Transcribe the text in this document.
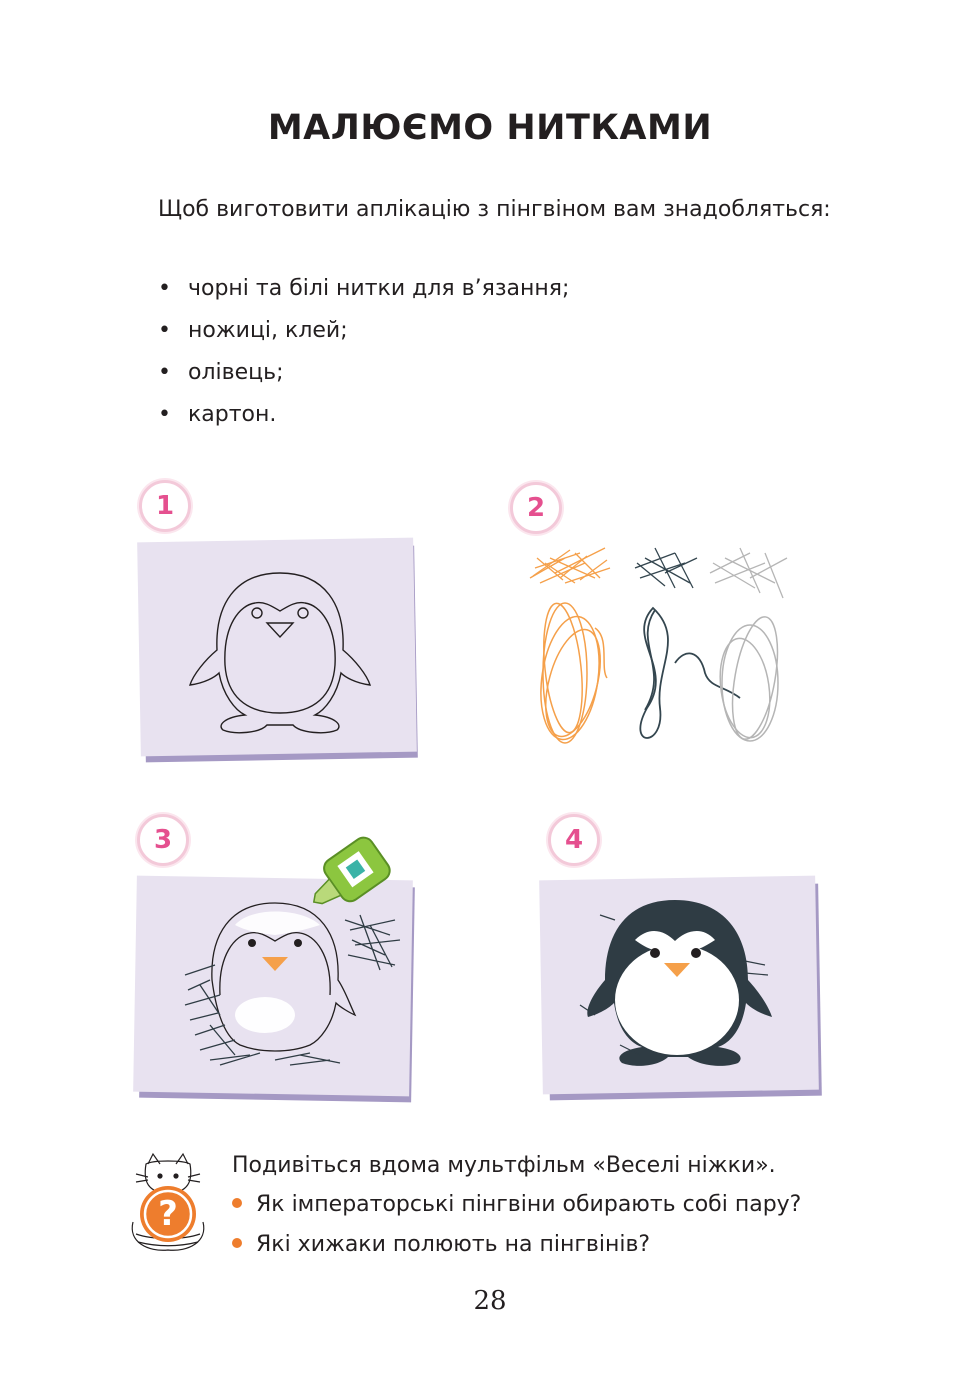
МАЛЮЄМО НИТКАМИ
Щоб виготовити аплікацію з пінгвіном вам знадобляться:
• чорні та білі нитки для в’язання;
• ножиці, клей;
• олівець;
• картон.
1	2
3	4
?
Подивіться вдома мультфільм «Веселі ніжки».
Як імператорські пінгвіни обирають собі пару?
Які хижаки полюють на пінгвінів?
28
